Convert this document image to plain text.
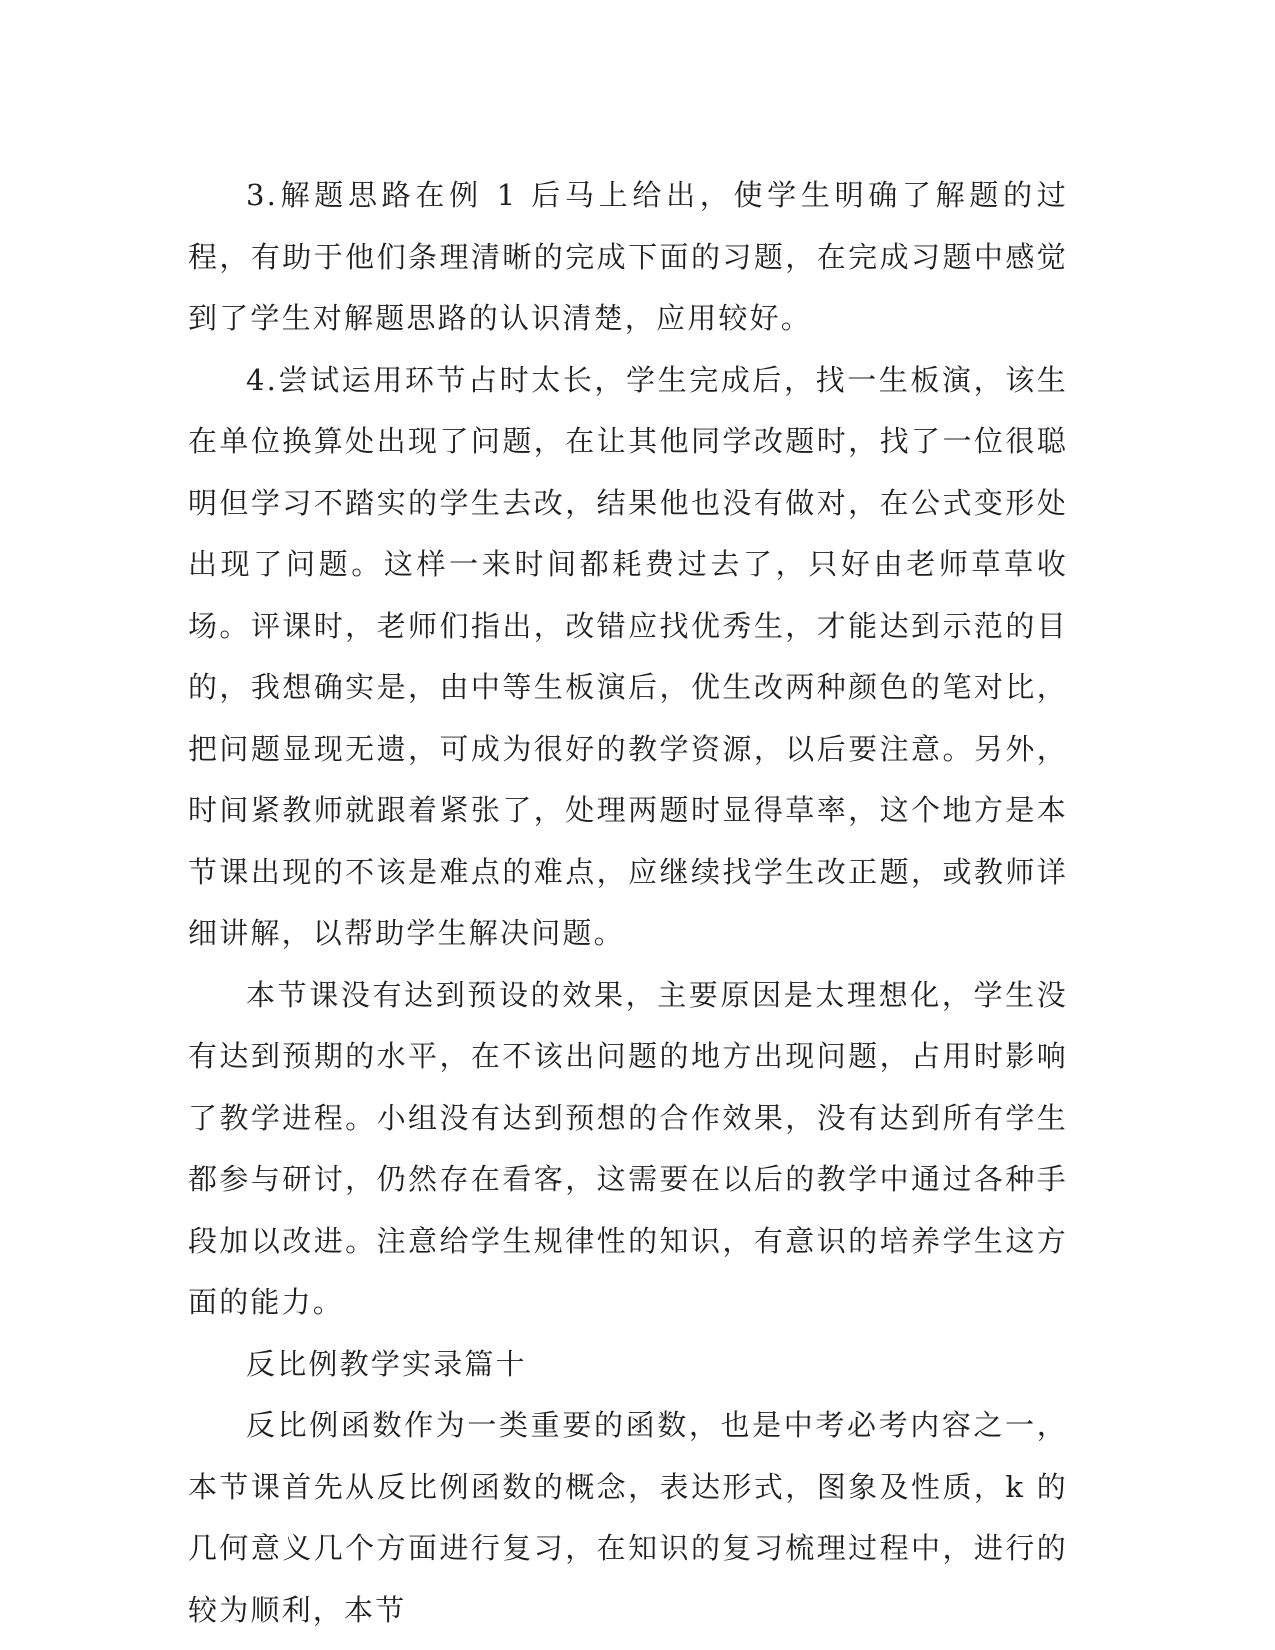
3.解题思路在例 1 后马上给出，使学生明确了解题的过程，有助于他们条理清晰的完成下面的习题，在完成习题中感觉到了学生对解题思路的认识清楚，应用较好。

4.尝试运用环节占时太长，学生完成后，找一生板演，该生在单位换算处出现了问题，在让其他同学改题时，找了一位很聪明但学习不踏实的学生去改，结果他也没有做对，在公式变形处出现了问题。这样一来时间都耗费过去了，只好由老师草草收场。评课时，老师们指出，改错应找优秀生，才能达到示范的目的，我想确实是，由中等生板演后，优生改两种颜色的笔对比，把问题显现无遗，可成为很好的教学资源，以后要注意。另外，时间紧教师就跟着紧张了，处理两题时显得草率，这个地方是本节课出现的不该是难点的难点，应继续找学生改正题，或教师详细讲解，以帮助学生解决问题。

本节课没有达到预设的效果，主要原因是太理想化，学生没有达到预期的水平，在不该出问题的地方出现问题，占用时影响了教学进程。小组没有达到预想的合作效果，没有达到所有学生都参与研讨，仍然存在看客，这需要在以后的教学中通过各种手段加以改进。注意给学生规律性的知识，有意识的培养学生这方面的能力。

反比例教学实录篇十

反比例函数作为一类重要的函数，也是中考必考内容之一，本节课首先从反比例函数的概念，表达形式，图象及性质，k 的几何意义几个方面进行复习，在知识的复习梳理过程中，进行的较为顺利，本节
